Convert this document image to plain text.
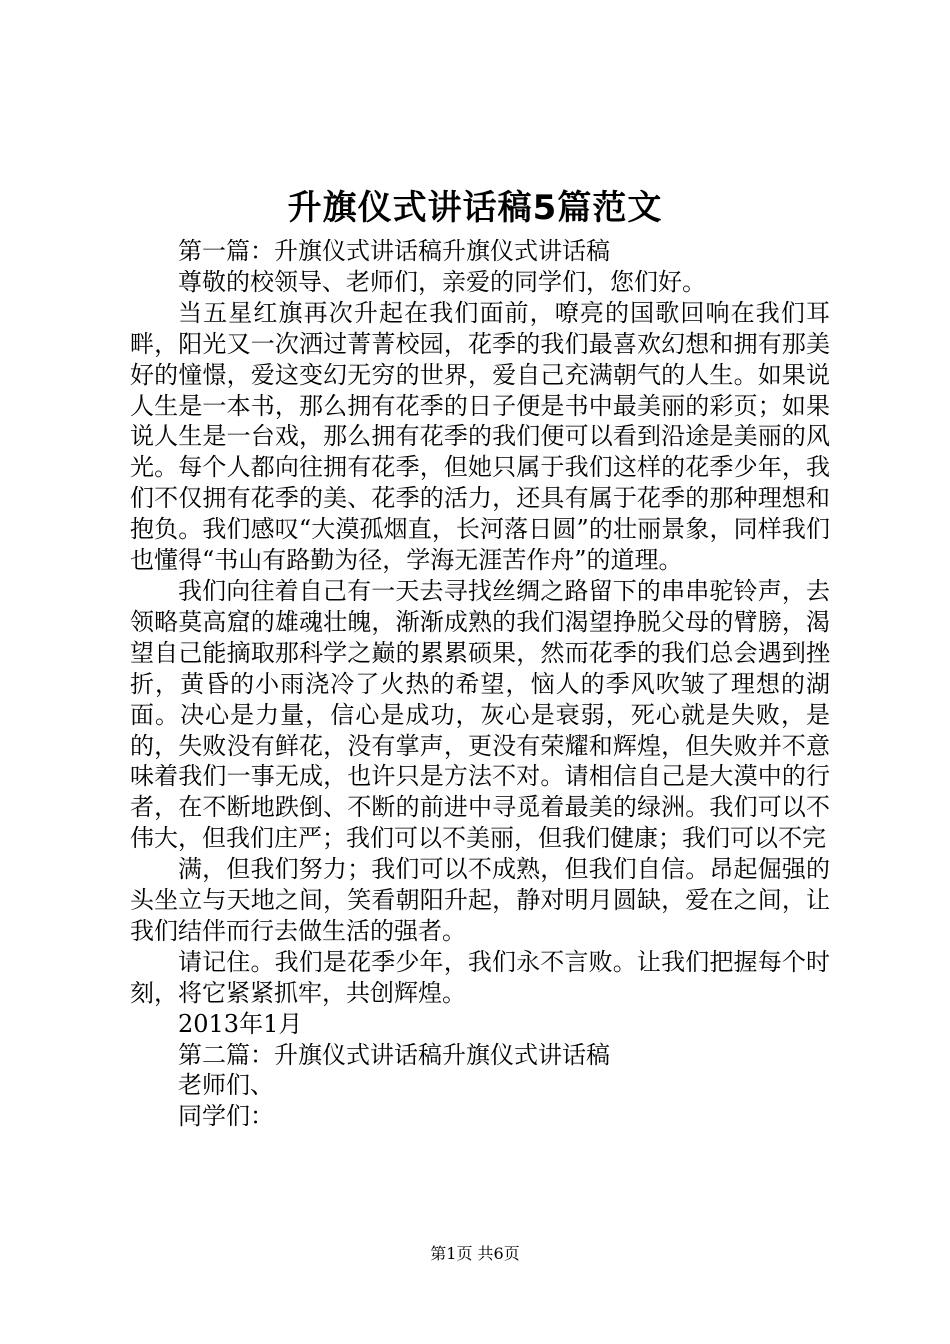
升旗仪式讲话稿5篇范文

第一篇：升旗仪式讲话稿升旗仪式讲话稿

尊敬的校领导、老师们，亲爱的同学们，您们好。

当五星红旗再次升起在我们面前，嘹亮的国歌回响在我们耳畔，阳光又一次洒过菁菁校园，花季的我们最喜欢幻想和拥有那美好的憧憬，爱这变幻无穷的世界，爱自己充满朝气的人生。如果说人生是一本书，那么拥有花季的日子便是书中最美丽的彩页；如果说人生是一台戏，那么拥有花季的我们便可以看到沿途是美丽的风光。每个人都向往拥有花季，但她只属于我们这样的花季少年，我们不仅拥有花季的美、花季的活力，还具有属于花季的那种理想和抱负。我们感叹“大漠孤烟直，长河落日圆”的壮丽景象，同样我们也懂得“书山有路勤为径，学海无涯苦作舟”的道理。

我们向往着自己有一天去寻找丝绸之路留下的串串驼铃声，去领略莫高窟的雄魂壮魄，渐渐成熟的我们渴望挣脱父母的臂膀，渴望自己能摘取那科学之巅的累累硕果，然而花季的我们总会遇到挫折，黄昏的小雨浇冷了火热的希望，恼人的季风吹皱了理想的湖面。决心是力量，信心是成功，灰心是衰弱，死心就是失败，是的，失败没有鲜花，没有掌声，更没有荣耀和辉煌，但失败并不意味着我们一事无成，也许只是方法不对。请相信自己是大漠中的行者，在不断地跌倒、不断的前进中寻觅着最美的绿洲。我们可以不伟大，但我们庄严；我们可以不美丽，但我们健康；我们可以不完

满，但我们努力；我们可以不成熟，但我们自信。昂起倔强的头坐立与天地之间，笑看朝阳升起，静对明月圆缺，爱在之间，让我们结伴而行去做生活的强者。

请记住。我们是花季少年，我们永不言败。让我们把握每个时刻，将它紧紧抓牢，共创辉煌。

2013年1月

第二篇：升旗仪式讲话稿升旗仪式讲话稿

老师们、

同学们：

第1页 共6页
